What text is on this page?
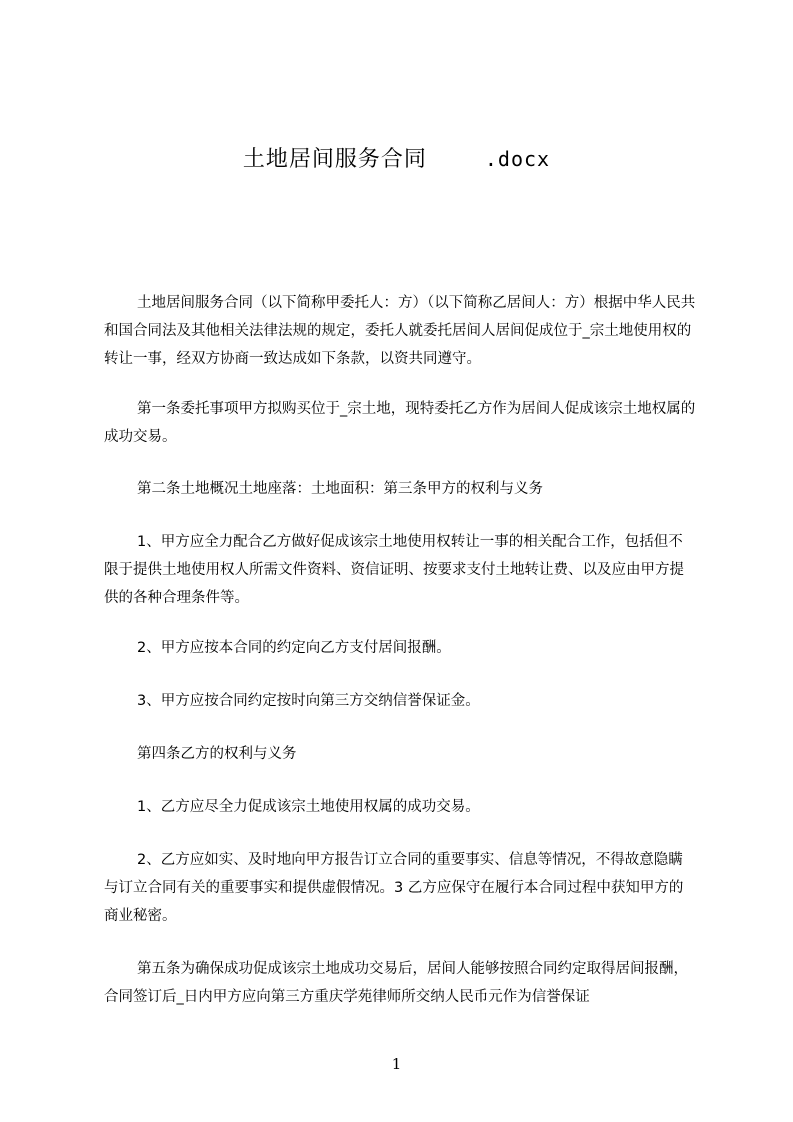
土地居间服务合同	.docx

土地居间服务合同（以下简称甲委托人：方）（以下简称乙居间人：方）根据中华人民共和国合同法及其他相关法律法规的规定，委托人就委托居间人居间促成位于_宗土地使用权的转让一事，经双方协商一致达成如下条款，以资共同遵守。

第一条委托事项甲方拟购买位于_宗土地，现特委托乙方作为居间人促成该宗土地权属的成功交易。

第二条土地概况土地座落：土地面积：第三条甲方的权利与义务

1、甲方应全力配合乙方做好促成该宗土地使用权转让一事的相关配合工作，包括但不限于提供土地使用权人所需文件资料、资信证明、按要求支付土地转让费、以及应由甲方提供的各种合理条件等。

2、甲方应按本合同的约定向乙方支付居间报酬。

3、甲方应按合同约定按时向第三方交纳信誉保证金。

第四条乙方的权利与义务

1、乙方应尽全力促成该宗土地使用权属的成功交易。

2、乙方应如实、及时地向甲方报告订立合同的重要事实、信息等情况，不得故意隐瞒与订立合同有关的重要事实和提供虚假情况。3 乙方应保守在履行本合同过程中获知甲方的商业秘密。

第五条为确保成功促成该宗土地成功交易后，居间人能够按照合同约定取得居间报酬，合同签订后_日内甲方应向第三方重庆学苑律师所交纳人民币元作为信誉保证

1
